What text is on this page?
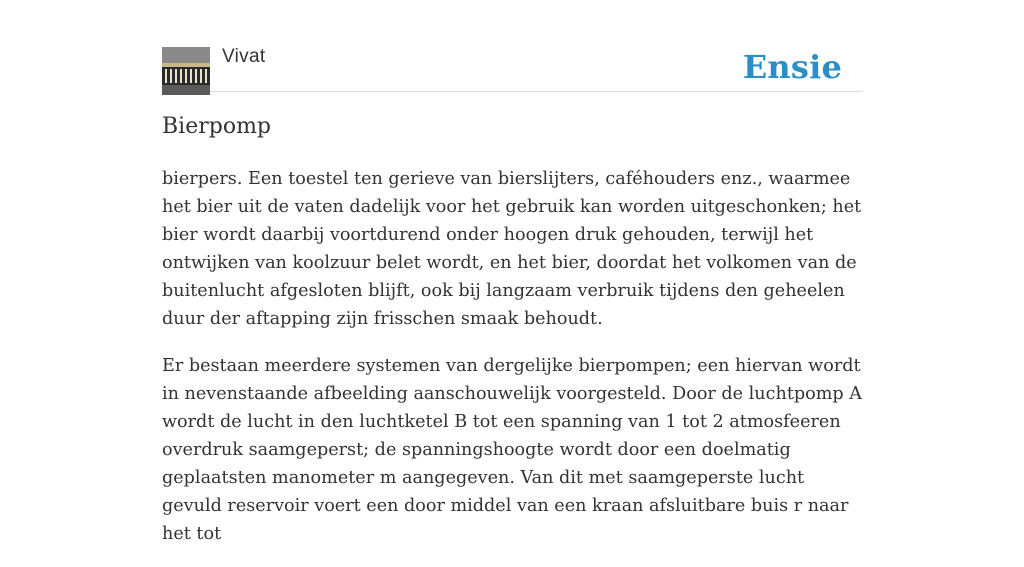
Vivat	Ensie
Bierpomp

bierpers. Een toestel ten gerieve van bierslijters, caféhouders enz., waarmee het bier uit de vaten dadelijk voor het gebruik kan worden uitgeschonken; het bier wordt daarbij voortdurend onder hoogen druk gehouden, terwijl het ontwijken van koolzuur belet wordt, en het bier, doordat het volkomen van de buitenlucht afgesloten blijft, ook bij langzaam verbruik tijdens den geheelen duur der aftapping zijn frisschen smaak behoudt.

Er bestaan meerdere systemen van dergelijke bierpompen; een hiervan wordt in nevenstaande afbeelding aanschouwelijk voorgesteld. Door de luchtpomp A wordt de lucht in den luchtketel B tot een spanning van 1 tot 2 atmosfeeren overdruk saamgeperst; de spanningshoogte wordt door een doelmatig geplaatsten manometer m aangegeven. Van dit met saamgeperste lucht gevuld reservoir voert een door middel van een kraan afsluitbare buis r naar het tot
